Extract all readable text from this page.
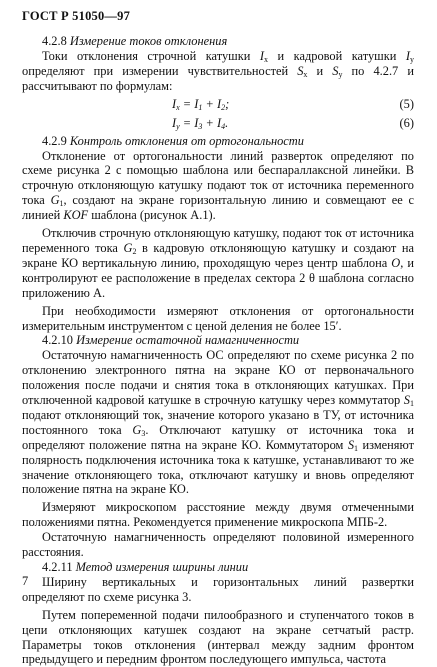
ГОСТ Р 51050—97

4.2.8 Измерение токов отклонения

Токи отклонения строчной катушки $I_x$ и кадровой катушки $I_y$ определяют при измерении чувствительностей $S_x$ и $S_y$ по 4.2.7 и рассчитывают по формулам:

$I_x = I_1 + I_2$;	(5)
$I_y = I_3 + I_4$.	(6)

4.2.9 Контроль отклонения от ортогональности

Отклонение от ортогональности линий разверток определяют по схеме рисунка 2 с помощью шаблона или беспараллаксной линейки. В строчную отклоняющую катушку подают ток от источника переменного тока $G_1$, создают на экране горизонтальную линию и совмещают ее с линией KOF шаблона (рисунок А.1).

Отключив строчную отклоняющую катушку, подают ток от источника переменного тока $G_2$ в кадровую отклоняющую катушку и создают на экране КО вертикальную линию, проходящую через центр шаблона O, и контролируют ее расположение в пределах сектора 2 θ шаблона согласно приложению А.

При необходимости измеряют отклонения от ортогональности измерительным инструментом с ценой деления не более 15′.

4.2.10 Измерение остаточной намагниченности

Остаточную намагниченность ОС определяют по схеме рисунка 2 по отклонению электронного пятна на экране КО от первоначального положения после подачи и снятия тока в отклоняющих катушках. При отключенной кадровой катушке в строчную катушку через коммутатор $S_1$ подают отклоняющий ток, значение которого указано в ТУ, от источника постоянного тока $G_3$. Отключают катушку от источника тока и определяют положение пятна на экране КО. Коммутатором $S_1$ изменяют полярность подключения источника тока к катушке, устанавливают то же значение отклоняющего тока, отключают катушку и вновь определяют положение пятна на экране КО.

Измеряют микроскопом расстояние между двумя отмеченными положениями пятна. Рекомендуется применение микроскопа МПБ-2.

Остаточную намагниченность определяют половиной измеренного расстояния.

4.2.11 Метод измерения ширины линии

Ширину вертикальных и горизонтальных линий развертки определяют по схеме рисунка 3.

Путем попеременной подачи пилообразного и ступенчатого токов в цепи отклоняющих катушек создают на экране сетчатый растр. Параметры токов отклонения (интервал между задним фронтом предыдущего и передним фронтом последующего импульса, частота

7
